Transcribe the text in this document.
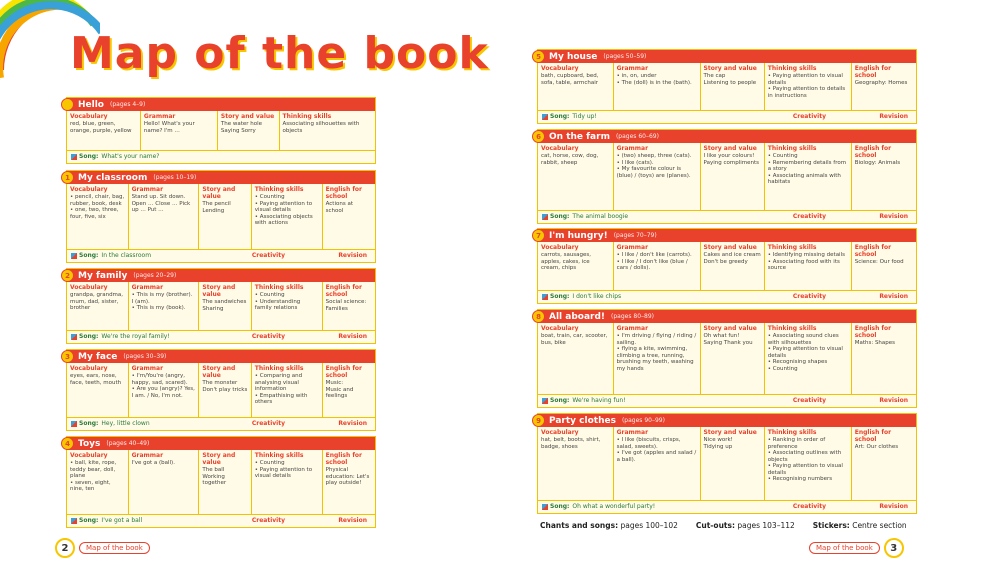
Map of the book
Hello (pages 4–9)
Vocabulary
red, blue, green, orange, purple, yellow
Grammar
Hello! What's your name? I'm …
Story and value
The water hole
Saying Sorry
Thinking skills
Associating silhouettes with objects
Song: What's your name?
1 My classroom (pages 10–19)
Vocabulary
• pencil, chair, bag, rubber, book, desk
• one, two, three, four, five, six
Grammar
Stand up. Sit down. Open … Close … Pick up … Put …
Story and value
The pencil
Lending
Thinking skills
• Counting
• Paying attention to visual details
• Associating objects with actions
English for school
Actions at school
Song: In the classroom	Creativity	Revision
2 My family (pages 20–29)
Vocabulary
grandpa, grandma, mum, dad, sister, brother
Grammar
• This is my (brother). I (am).
• This is my (book).
Story and value
The sandwiches
Sharing
Thinking skills
• Counting
• Understanding family relations
English for school
Social science: Families
Song: We're the royal family!	Creativity	Revision
3 My face (pages 30–39)
Vocabulary
eyes, ears, nose, face, teeth, mouth
Grammar
• I'm/You're (angry, happy, sad, scared).
• Are you (angry)? Yes, I am. / No, I'm not.
Story and value
The monster
Don't play tricks
Thinking skills
• Comparing and analysing visual information
• Empathising with others
English for school
Music:
Music and feelings
Song: Hey, little clown	Creativity	Revision
4 Toys (pages 40–49)
Vocabulary
• ball, kite, rope, teddy bear, doll, plane
• seven, eight, nine, ten
Grammar
I've got a (ball).
Story and value
The ball
Working together
Thinking skills
• Counting
• Paying attention to visual details
English for school
Physical education: Let's play outside!
Song: I've got a ball	Creativity	Revision
5 My house (pages 50–59)
Vocabulary
bath, cupboard, bed, sofa, table, armchair
Grammar
• in, on, under
• The (doll) is in the (bath).
Story and value
The cap
Listening to people
Thinking skills
• Paying attention to visual details
• Paying attention to details in instructions
English for school
Geography: Homes
Song: Tidy up!	Creativity	Revision
6 On the farm (pages 60–69)
Vocabulary
cat, horse, cow, dog, rabbit, sheep
Grammar
• (two) sheep, three (cats).
• I like (cats).
• My favourite colour is (blue) / (toys) are (planes).
Story and value
I like your colours!
Paying compliments
Thinking skills
• Counting
• Remembering details from a story
• Associating animals with habitats
English for school
Biology: Animals
Song: The animal boogie	Creativity	Revision
7 I'm hungry! (pages 70–79)
Vocabulary
carrots, sausages, apples, cakes, ice cream, chips
Grammar
• I like / don't like (carrots).
• I like / I don't like (blue / cars / dolls).
Story and value
Cakes and ice cream
Don't be greedy
Thinking skills
• Identifying missing details
• Associating food with its source
English for school
Science: Our food
Song: I don't like chips	Creativity	Revision
8 All aboard! (pages 80–89)
Vocabulary
boat, train, car, scooter, bus, bike
Grammar
• I'm driving / flying / riding / sailing.
• flying a kite, swimming, climbing a tree, running, brushing my teeth, washing my hands
Story and value
Oh what fun!
Saying Thank you
Thinking skills
• Associating sound clues with silhouettes
• Paying attention to visual details
• Recognising shapes
• Counting
English for school
Maths: Shapes
Song: We're having fun!	Creativity	Revision
9 Party clothes (pages 90–99)
Vocabulary
hat, belt, boots, shirt, badge, shoes
Grammar
• I like (biscuits, crisps, salad, sweets).
• I've got (apples and salad / a ball).
Story and value
Nice work!
Tidying up
Thinking skills
• Ranking in order of preference
• Associating outlines with objects
• Paying attention to visual details
• Recognising numbers
English for school
Art: Our clothes
Song: Oh what a wonderful party!	Creativity	Revision
Chants and songs: pages 100–102 Cut-outs: pages 103–112 Stickers: Centre section
2	Map of the book	Map of the book	3
